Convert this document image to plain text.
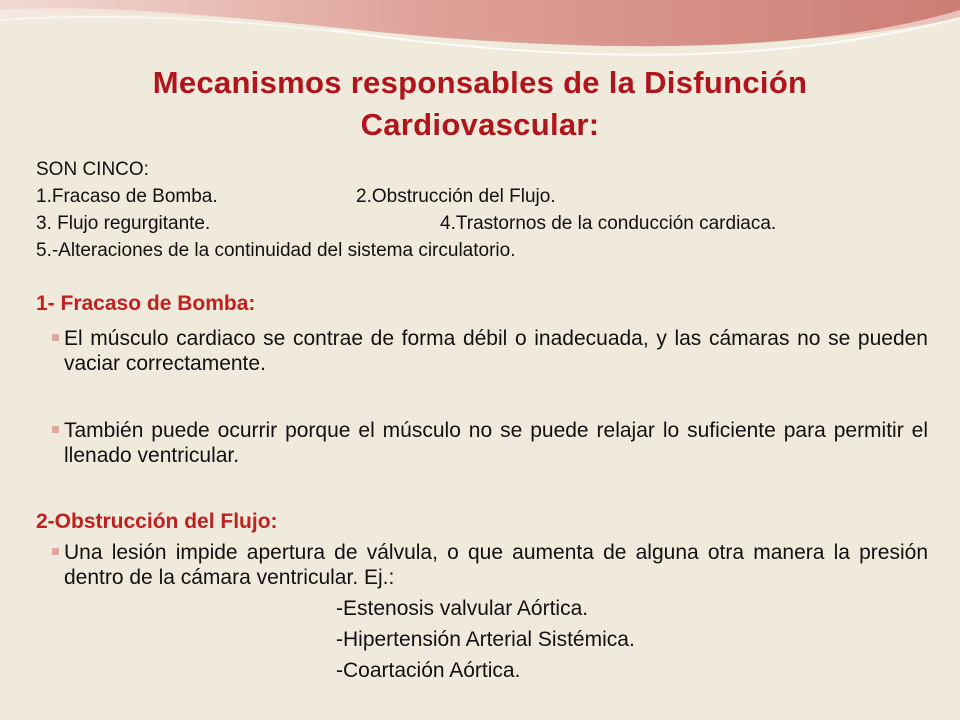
Mecanismos responsables de la Disfunción
Cardiovascular:
SON CINCO:
1.Fracaso de Bomba.	2.Obstrucción del Flujo.
3. Flujo regurgitante.	4.Trastornos de la conducción cardiaca.
5.-Alteraciones de la continuidad del sistema circulatorio.
1- Fracaso de Bomba:
El músculo cardiaco se contrae de forma débil o inadecuada, y las cámaras no se pueden vaciar correctamente.
También puede ocurrir porque el músculo no se puede relajar lo suficiente para permitir el llenado ventricular.
2-Obstrucción del Flujo:
Una lesión impide apertura de válvula, o que aumenta de alguna otra manera la presión dentro de la cámara ventricular. Ej.:
-Estenosis valvular Aórtica.
-Hipertensión Arterial Sistémica.
-Coartación Aórtica.
